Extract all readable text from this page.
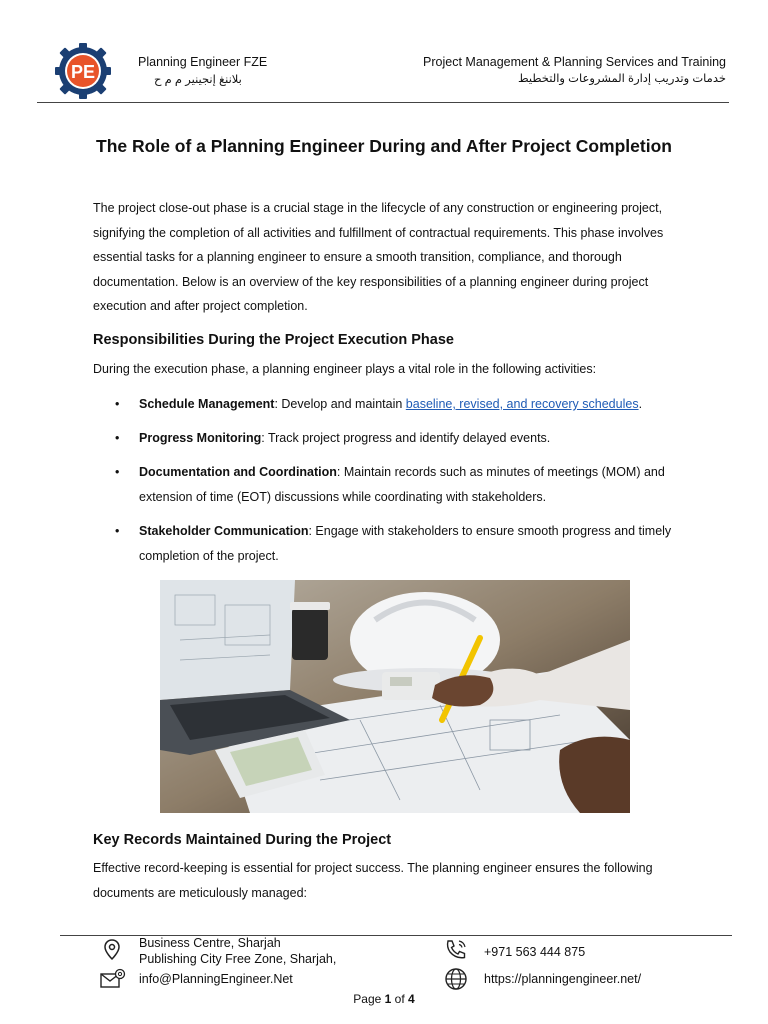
PE	Planning Engineer FZE
بلاننغ إنجينير م م ح
Project Management & Planning Services and Training
خدمات وتدريب إدارة المشروعات والتخطيط
The Role of a Planning Engineer During and After Project Completion
The project close-out phase is a crucial stage in the lifecycle of any construction or engineering project, signifying the completion of all activities and fulfillment of contractual requirements. This phase involves essential tasks for a planning engineer to ensure a smooth transition, compliance, and thorough documentation. Below is an overview of the key responsibilities of a planning engineer during project execution and after project completion.
Responsibilities During the Project Execution Phase
During the execution phase, a planning engineer plays a vital role in the following activities:
• Schedule Management: Develop and maintain baseline, revised, and recovery schedules.
• Progress Monitoring: Track project progress and identify delayed events.
• Documentation and Coordination: Maintain records such as minutes of meetings (MOM) and extension of time (EOT) discussions while coordinating with stakeholders.
• Stakeholder Communication: Engage with stakeholders to ensure smooth progress and timely completion of the project.
Key Records Maintained During the Project
Effective record-keeping is essential for project success. The planning engineer ensures the following documents are meticulously managed:
Business Centre, Sharjah
Publishing City Free Zone, Sharjah,
info@PlanningEngineer.Net
+971 563 444 875
https://planningengineer.net/
Page 1 of 4
